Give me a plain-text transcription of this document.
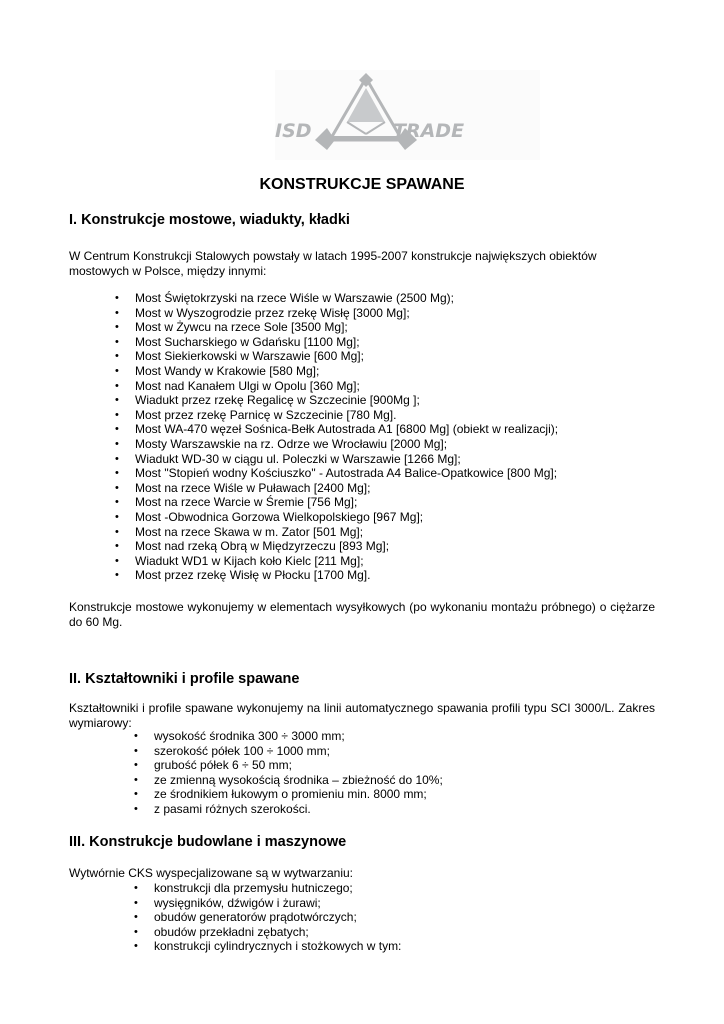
ISD	TRADE
KONSTRUKCJE SPAWANE
I. Konstrukcje mostowe, wiadukty, kładki
W Centrum Konstrukcji Stalowych powstały w latach 1995-2007 konstrukcje największych obiektów mostowych w Polsce, między innymi:
• Most Świętokrzyski na rzece Wiśle w Warszawie (2500 Mg);
• Most w Wyszogrodzie przez rzekę Wisłę [3000 Mg];
• Most w Żywcu na rzece Sole [3500 Mg];
• Most Sucharskiego w Gdańsku [1100 Mg];
• Most Siekierkowski w Warszawie [600 Mg];
• Most Wandy w Krakowie [580 Mg];
• Most nad Kanałem Ulgi w Opolu [360 Mg];
• Wiadukt przez rzekę Regalicę w Szczecinie [900Mg ];
• Most przez rzekę Parnicę w Szczecinie [780 Mg].
• Most WA-470 węzeł Sośnica-Bełk Autostrada A1 [6800 Mg] (obiekt w realizacji);
• Mosty Warszawskie na rz. Odrze we Wrocławiu [2000 Mg];
• Wiadukt WD-30 w ciągu ul. Poleczki w Warszawie [1266 Mg];
• Most "Stopień wodny Kościuszko" - Autostrada A4 Balice-Opatkowice [800 Mg];
• Most na rzece Wiśle w Puławach [2400 Mg];
• Most na rzece Warcie w Śremie [756 Mg];
• Most -Obwodnica Gorzowa Wielkopolskiego [967 Mg];
• Most na rzece Skawa w m. Zator [501 Mg];
• Most nad rzeką Obrą w Międzyrzeczu [893 Mg];
• Wiadukt WD1 w Kijach koło Kielc [211 Mg];
• Most przez rzekę Wisłę w Płocku [1700 Mg].
Konstrukcje mostowe wykonujemy w elementach wysyłkowych (po wykonaniu montażu próbnego) o ciężarze do 60 Mg.
II. Kształtowniki i profile spawane
Kształtowniki i profile spawane wykonujemy na linii automatycznego spawania profili typu SCI 3000/L. Zakres wymiarowy:
• wysokość środnika 300 ÷ 3000 mm;
• szerokość półek 100 ÷ 1000 mm;
• grubość półek 6 ÷ 50 mm;
• ze zmienną wysokością środnika – zbieżność do 10%;
• ze środnikiem łukowym o promieniu min. 8000 mm;
• z pasami różnych szerokości.
III. Konstrukcje budowlane i maszynowe
Wytwórnie CKS wyspecjalizowane są w wytwarzaniu:
• konstrukcji dla przemysłu hutniczego;
• wysięgników, dźwigów i żurawi;
• obudów generatorów prądotwórczych;
• obudów przekładni zębatych;
• konstrukcji cylindrycznych i stożkowych w tym:
